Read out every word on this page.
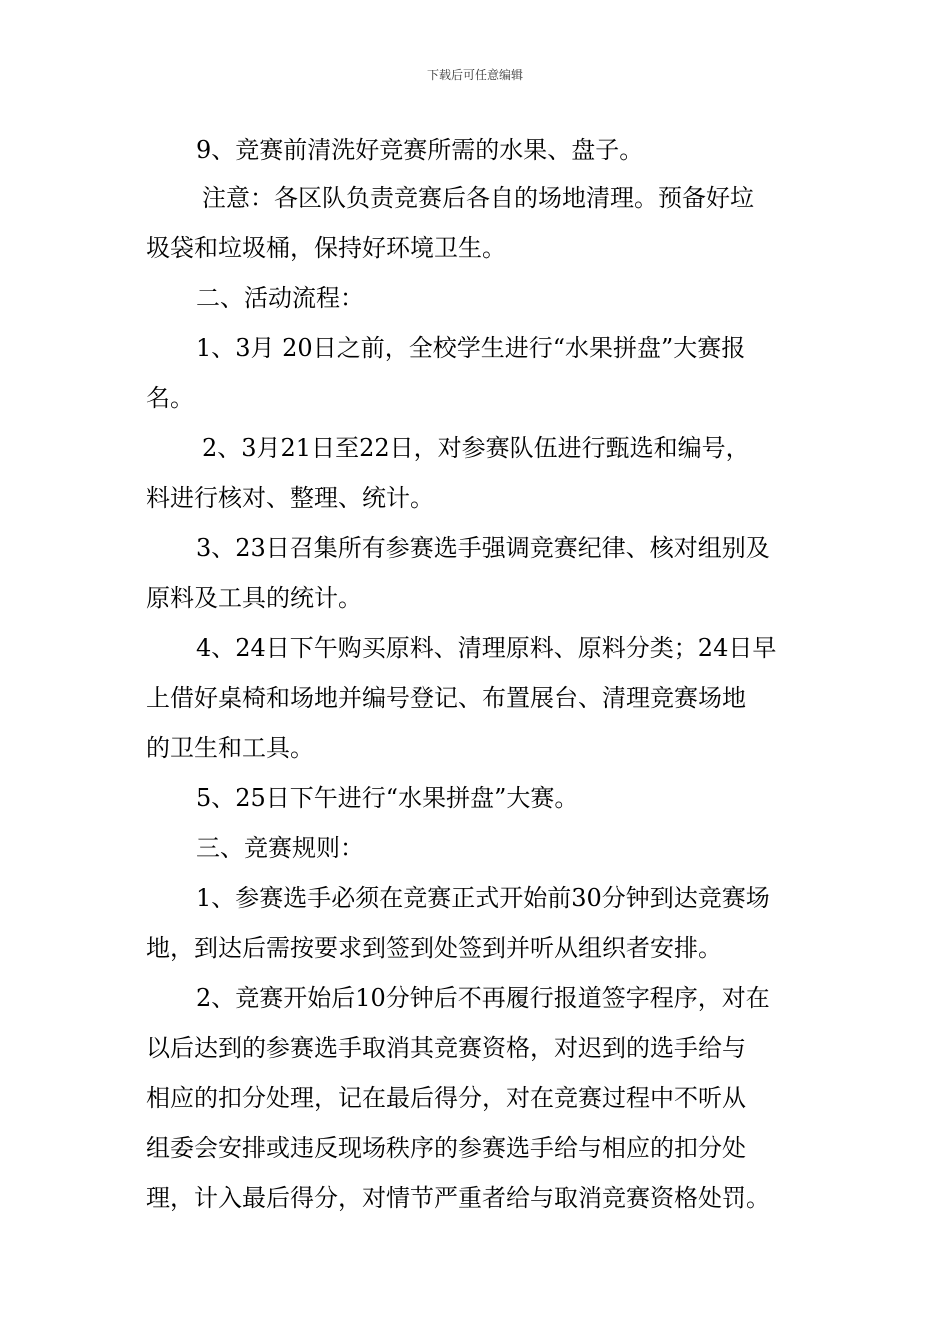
下载后可任意编辑
9、竞赛前清洗好竞赛所需的水果、盘子。
注意：各区队负责竞赛后各自的场地清理。预备好垃
圾袋和垃圾桶，保持好环境卫生。
二、活动流程：
1、3月 20日之前，全校学生进行“水果拼盘”大赛报
名。
2、3月21日至22日，对参赛队伍进行甄选和编号，
料进行核对、整理、统计。
3、23日召集所有参赛选手强调竞赛纪律、核对组别及
原料及工具的统计。
4、24日下午购买原料、清理原料、原料分类；24日早
上借好桌椅和场地并编号登记、布置展台、清理竞赛场地
的卫生和工具。
5、25日下午进行“水果拼盘”大赛。
三、竞赛规则：
1、参赛选手必须在竞赛正式开始前30分钟到达竞赛场
地，到达后需按要求到签到处签到并听从组织者安排。
2、竞赛开始后10分钟后不再履行报道签字程序，对在
以后达到的参赛选手取消其竞赛资格，对迟到的选手给与
相应的扣分处理，记在最后得分，对在竞赛过程中不听从
组委会安排或违反现场秩序的参赛选手给与相应的扣分处
理，计入最后得分，对情节严重者给与取消竞赛资格处罚。
